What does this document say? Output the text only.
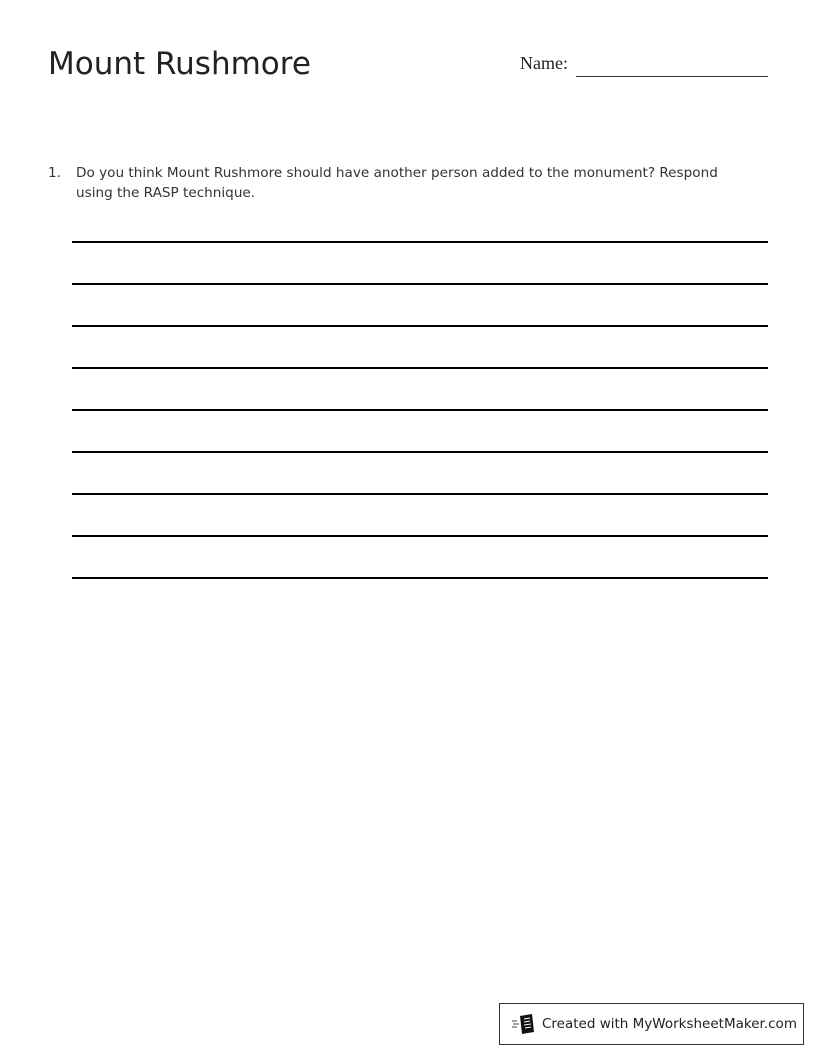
Mount Rushmore	Name:
1.	Do you think Mount Rushmore should have another person added to the monument? Respond using the RASP technique.
Created with MyWorksheetMaker.com
